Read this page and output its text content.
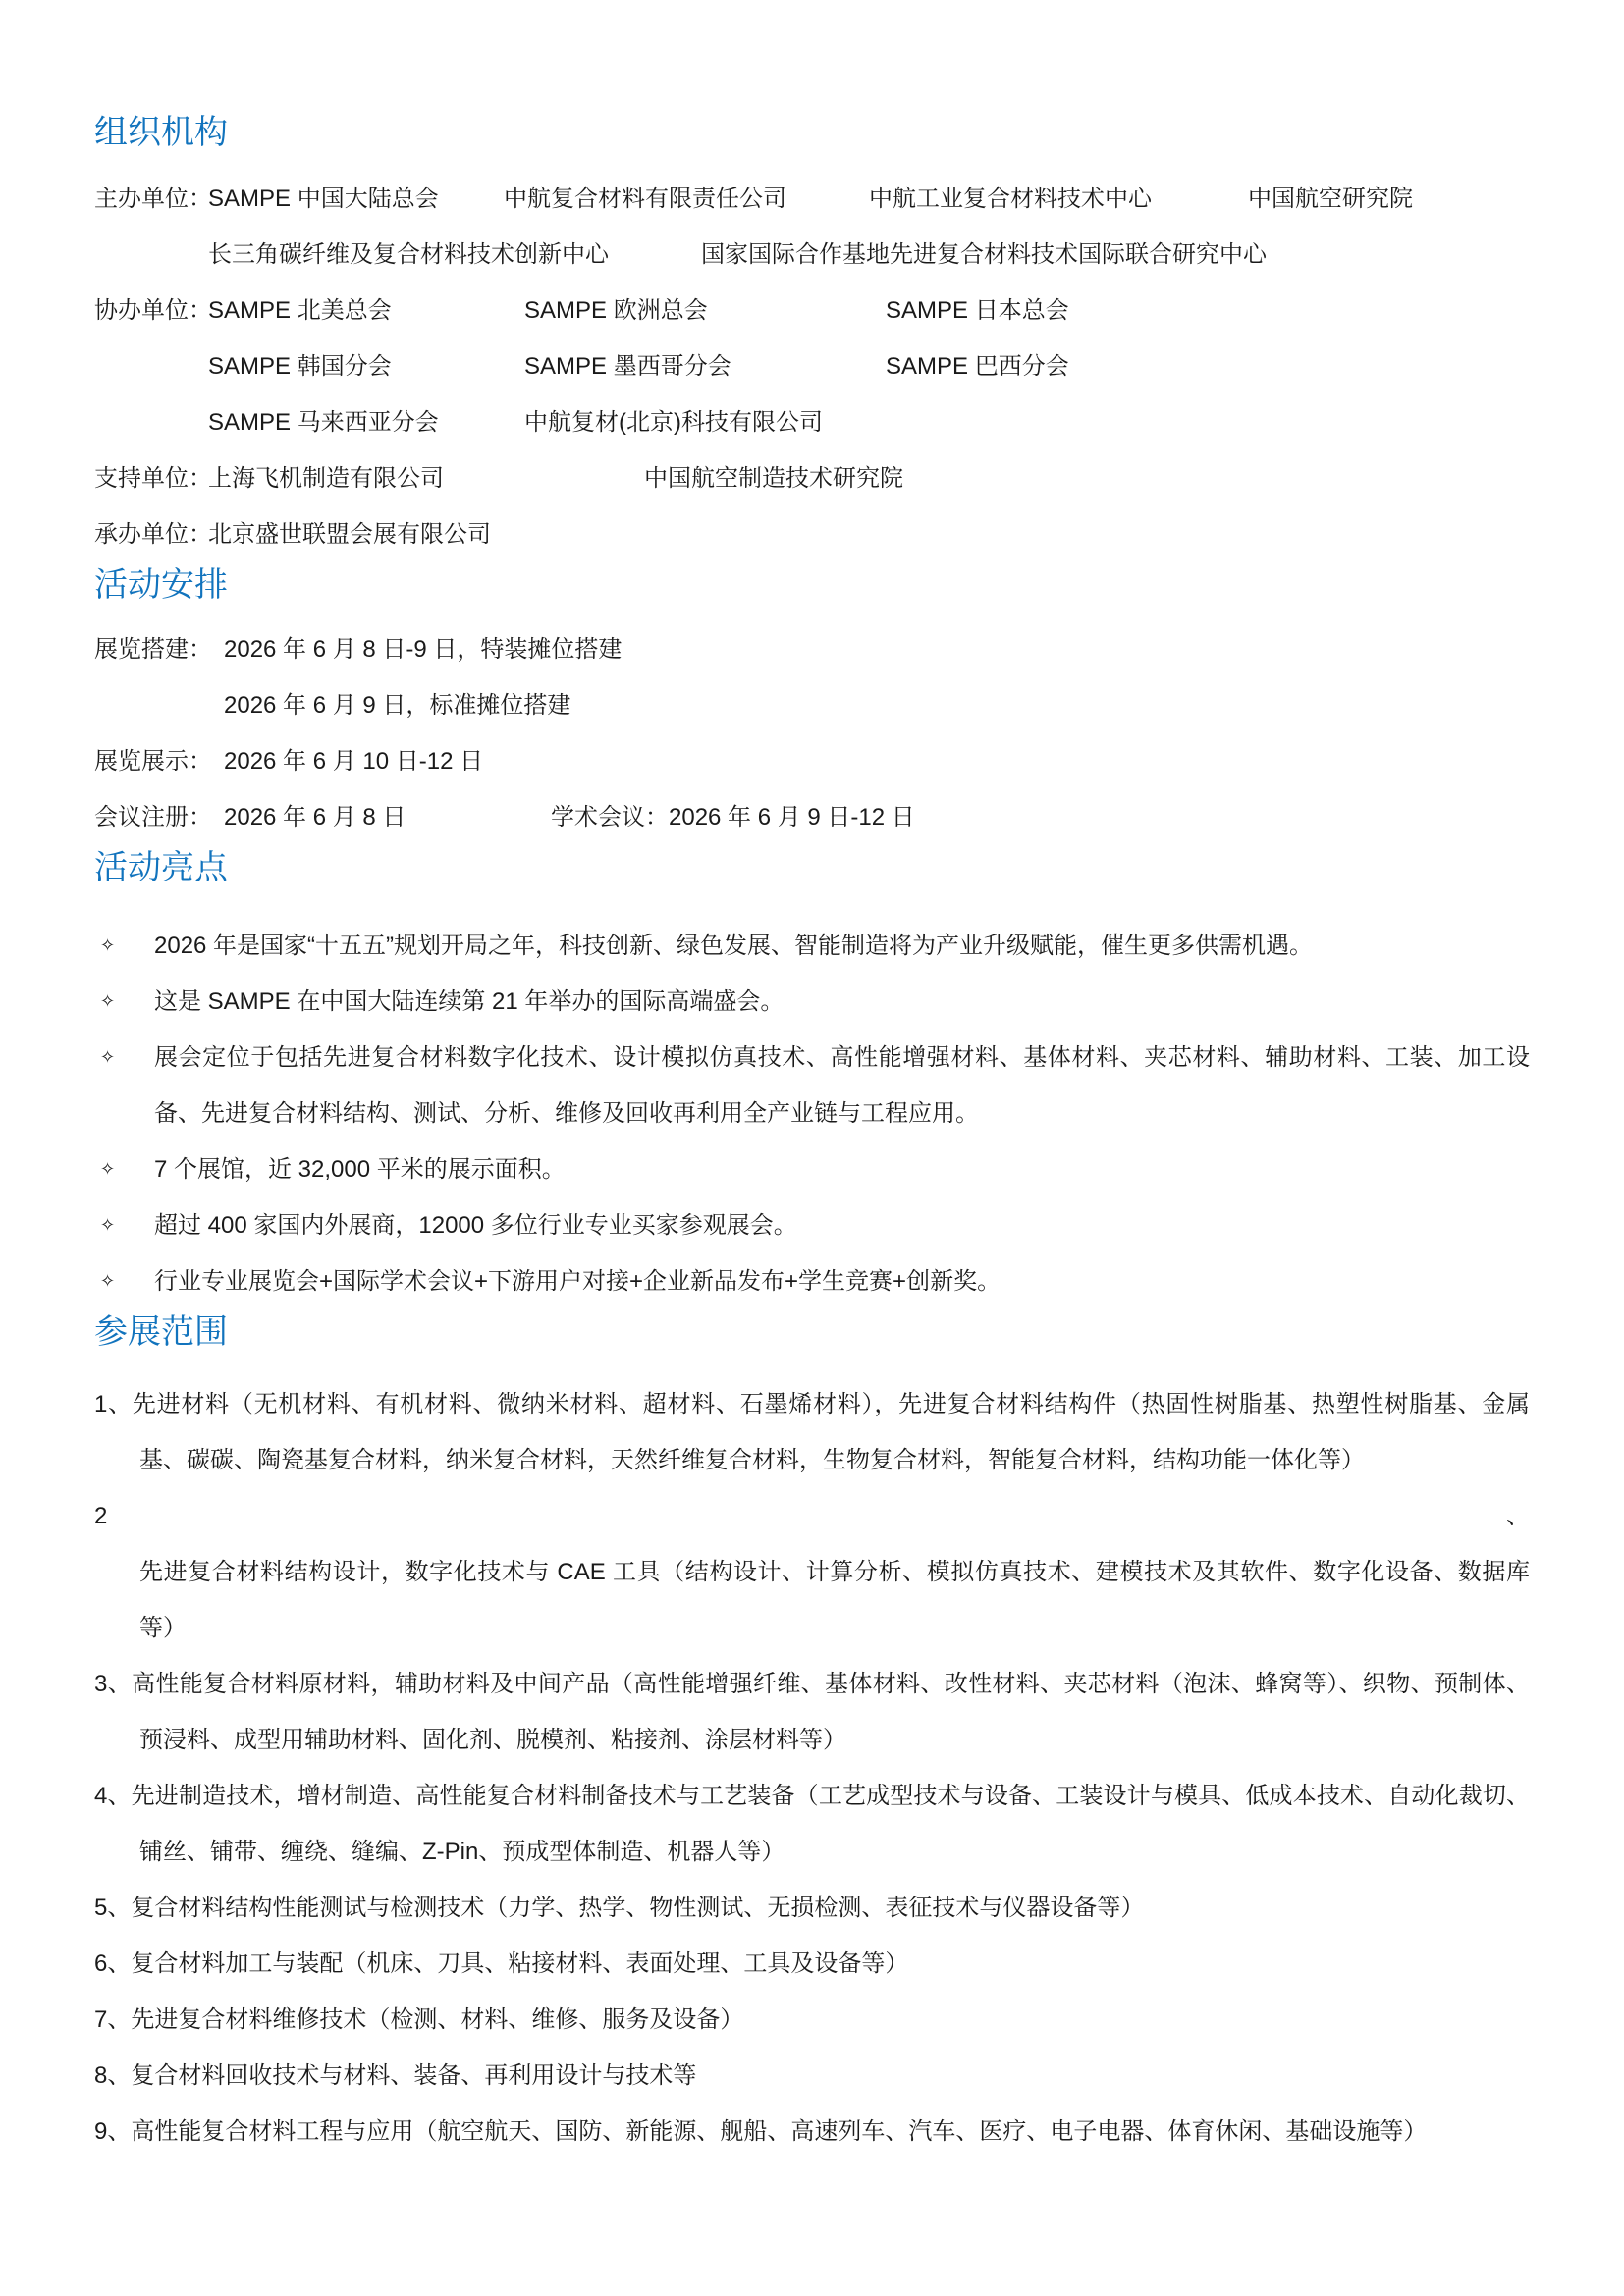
组织机构
主办单位：
SAMPE 中国大陆总会	中航复合材料有限责任公司	中航工业复合材料技术中心	中国航空研究院
长三角碳纤维及复合材料技术创新中心	国家国际合作基地先进复合材料技术国际联合研究中心
协办单位：
SAMPE 北美总会	SAMPE 欧洲总会	SAMPE 日本总会
SAMPE 韩国分会	SAMPE 墨西哥分会	SAMPE 巴西分会
SAMPE 马来西亚分会	中航复材(北京)科技有限公司
支持单位：
上海飞机制造有限公司	中国航空制造技术研究院
承办单位：
北京盛世联盟会展有限公司
活动安排
展览搭建： 2026 年 6 月 8 日-9 日，特装摊位搭建
2026 年 6 月 9 日，标准摊位搭建
展览展示： 2026 年 6 月 10 日-12 日
会议注册： 2026 年 6 月 8 日	学术会议：2026 年 6 月 9 日-12 日
活动亮点
✧ 2026 年是国家“十五五”规划开局之年，科技创新、绿色发展、智能制造将为产业升级赋能，催生更多供需机遇。
✧ 这是 SAMPE 在中国大陆连续第 21 年举办的国际高端盛会。
✧ 展会定位于包括先进复合材料数字化技术、设计模拟仿真技术、高性能增强材料、基体材料、夹芯材料、辅助材料、工装、加工设备、先进复合材料结构、测试、分析、维修及回收再利用全产业链与工程应用。
✧ 7 个展馆，近 32,000 平米的展示面积。
✧ 超过 400 家国内外展商，12000 多位行业专业买家参观展会。
✧ 行业专业展览会+国际学术会议+下游用户对接+企业新品发布+学生竞赛+创新奖。
参展范围
1、先进材料（无机材料、有机材料、微纳米材料、超材料、石墨烯材料），先进复合材料结构件（热固性树脂基、热塑性树脂基、金属基、碳碳、陶瓷基复合材料，纳米复合材料，天然纤维复合材料，生物复合材料，智能复合材料，结构功能一体化等）
2、先进复合材料结构设计，数字化技术与 CAE 工具（结构设计、计算分析、模拟仿真技术、建模技术及其软件、数字化设备、数据库等）
3、高性能复合材料原材料，辅助材料及中间产品（高性能增强纤维、基体材料、改性材料、夹芯材料（泡沫、蜂窝等）、织物、预制体、预浸料、成型用辅助材料、固化剂、脱模剂、粘接剂、涂层材料等）
4、先进制造技术，增材制造、高性能复合材料制备技术与工艺装备（工艺成型技术与设备、工装设计与模具、低成本技术、自动化裁切、铺丝、铺带、缠绕、缝编、Z-Pin、预成型体制造、机器人等）
5、复合材料结构性能测试与检测技术（力学、热学、物性测试、无损检测、表征技术与仪器设备等）
6、复合材料加工与装配（机床、刀具、粘接材料、表面处理、工具及设备等）
7、先进复合材料维修技术（检测、材料、维修、服务及设备）
8、复合材料回收技术与材料、装备、再利用设计与技术等
9、高性能复合材料工程与应用（航空航天、国防、新能源、舰船、高速列车、汽车、医疗、电子电器、体育休闲、基础设施等）
